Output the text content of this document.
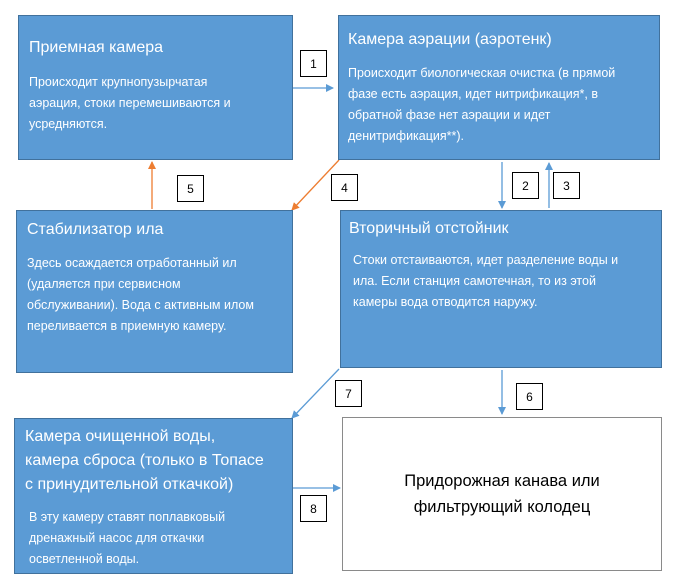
Приемная камера
Происходит крупнопузырчатая
аэрация, стоки перемешиваются и
усредняются.
Камера аэрации (аэротенк)
Происходит биологическая очистка (в прямой
фазе есть аэрация, идет нитрификация*, в
обратной фазе нет аэрации и идет
денитрификация**).
Стабилизатор ила
Здесь осаждается отработанный ил
(удаляется при сервисном
обслуживании). Вода с активным илом
переливается в приемную камеру.
Вторичный отстойник
Стоки отстаиваются, идет разделение воды и
ила. Если станция самотечная, то из этой
камеры вода отводится наружу.
Камера очищенной воды,
камера сброса (только в Топасе
с принудительной откачкой)
В эту камеру ставят поплавковый
дренажный насос для откачки
осветленной воды.
Придорожная канава или
фильтрующий колодец
1
2	3
4
5
6
7
8
